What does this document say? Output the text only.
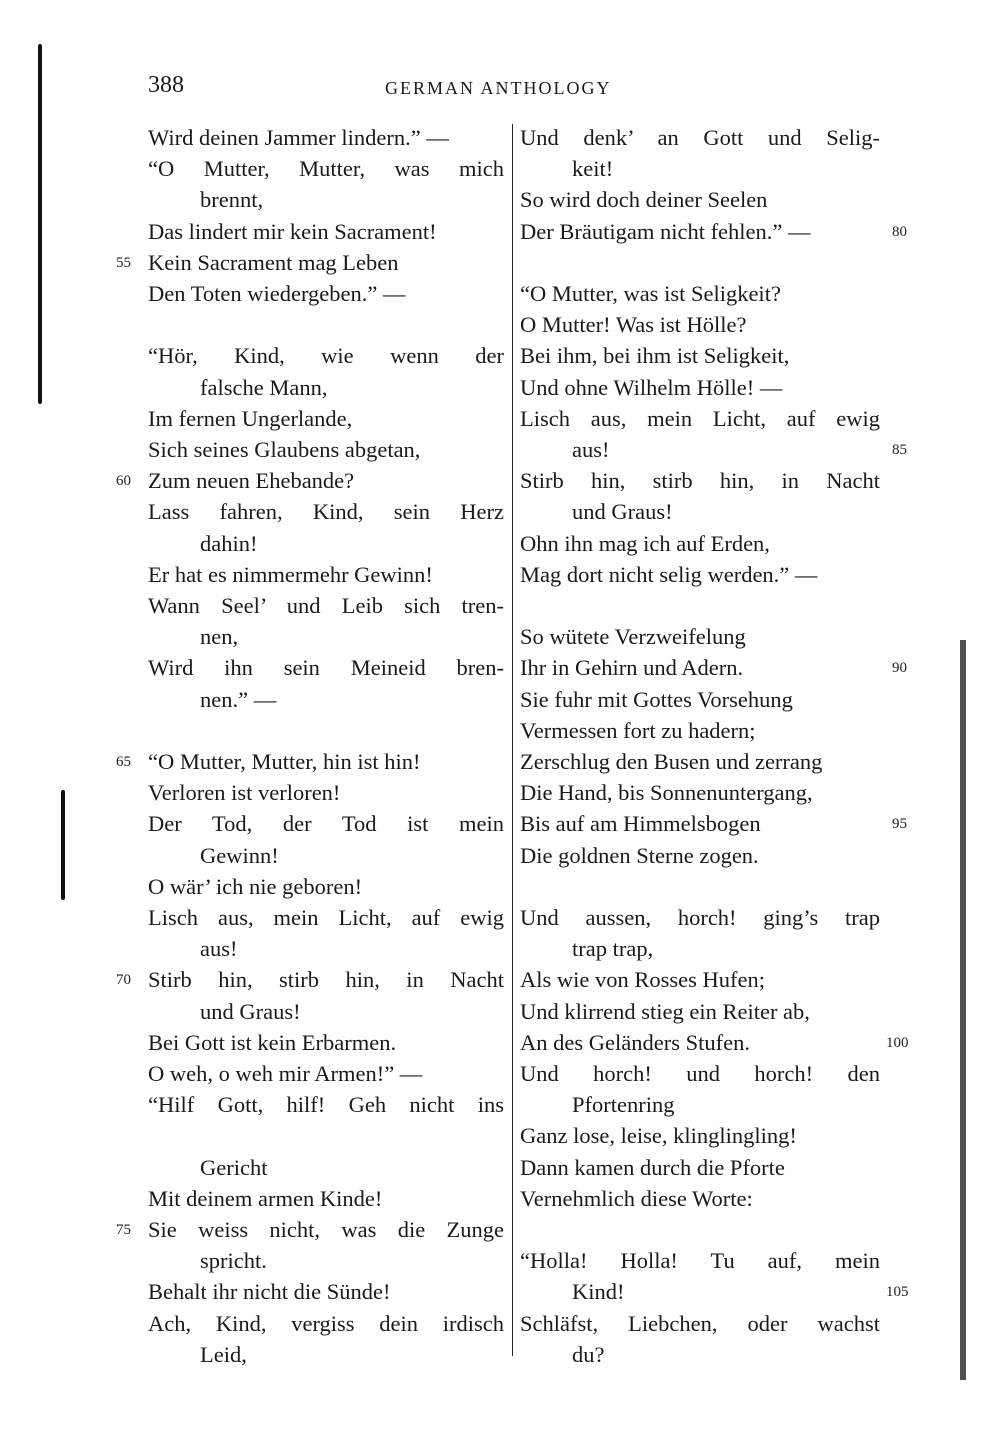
388	GERMAN ANTHOLOGY
Wird deinen Jammer lindern.” —
“O Mutter, Mutter, was mich
brennt,
Das lindert mir kein Sacrament!
Kein Sacrament mag Leben
Den Toten wiedergeben.” —
“Hör, Kind, wie wenn der
falsche Mann,
Im fernen Ungerlande,
Sich seines Glaubens abgetan,
Zum neuen Ehebande?
Lass fahren, Kind, sein Herz
dahin!
Er hat es nimmermehr Gewinn!
Wann Seel’ und Leib sich tren-
nen,
Wird ihn sein Meineid bren-
nen.” —
“O Mutter, Mutter, hin ist hin!
Verloren ist verloren!
Der Tod, der Tod ist mein
Gewinn!
O wär’ ich nie geboren!
Lisch aus, mein Licht, auf ewig
aus!
Stirb hin, stirb hin, in Nacht
und Graus!
Bei Gott ist kein Erbarmen.
O weh, o weh mir Armen!” —
“Hilf Gott, hilf! Geh nicht ins
Gericht
Mit deinem armen Kinde!
Sie weiss nicht, was die Zunge
spricht.
Behalt ihr nicht die Sünde!
Ach, Kind, vergiss dein irdisch
Leid,
Und denk’ an Gott und Selig-
keit!
So wird doch deiner Seelen
Der Bräutigam nicht fehlen.” —
“O Mutter, was ist Seligkeit?
O Mutter! Was ist Hölle?
Bei ihm, bei ihm ist Seligkeit,
Und ohne Wilhelm Hölle! —
Lisch aus, mein Licht, auf ewig
aus!
Stirb hin, stirb hin, in Nacht
und Graus!
Ohn ihn mag ich auf Erden,
Mag dort nicht selig werden.” —
So wütete Verzweifelung
Ihr in Gehirn und Adern.
Sie fuhr mit Gottes Vorsehung
Vermessen fort zu hadern;
Zerschlug den Busen und zerrang
Die Hand, bis Sonnenuntergang,
Bis auf am Himmelsbogen
Die goldnen Sterne zogen.
Und aussen, horch! ging’s trap
trap trap,
Als wie von Rosses Hufen;
Und klirrend stieg ein Reiter ab,
An des Geländers Stufen.
Und horch! und horch! den
Pfortenring
Ganz lose, leise, klinglingling!
Dann kamen durch die Pforte
Vernehmlich diese Worte:
“Holla! Holla! Tu auf, mein
Kind!
Schläfst, Liebchen, oder wachst
du?
55
60
65
70
75
80
85
90
95
100
105
